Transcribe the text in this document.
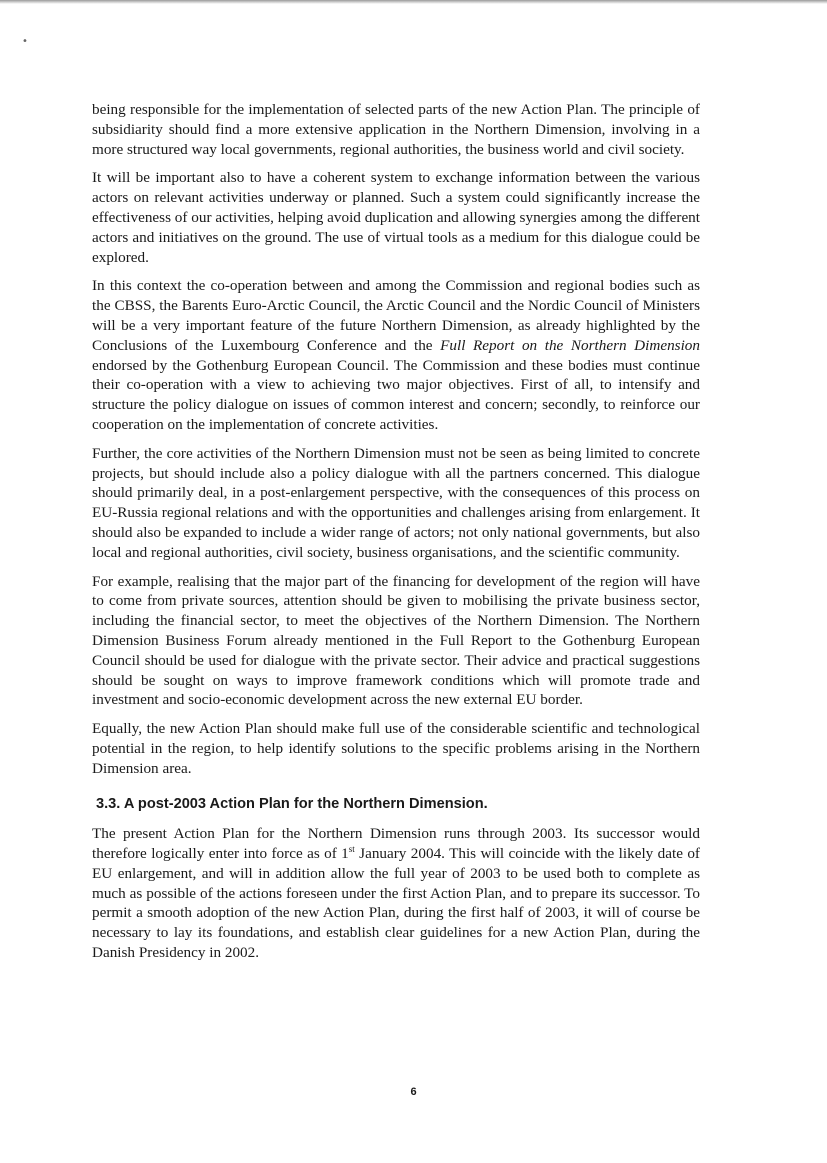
•

being responsible for the implementation of selected parts of the new Action Plan. The principle of subsidiarity should find a more extensive application in the Northern Dimension, involving in a more structured way local governments, regional authorities, the business world and civil society.

It will be important also to have a coherent system to exchange information between the various actors on relevant activities underway or planned. Such a system could significantly increase the effectiveness of our activities, helping avoid duplication and allowing synergies among the different actors and initiatives on the ground. The use of virtual tools as a medium for this dialogue could be explored.

In this context the co-operation between and among the Commission and regional bodies such as the CBSS, the Barents Euro-Arctic Council, the Arctic Council and the Nordic Council of Ministers will be a very important feature of the future Northern Dimension, as already highlighted by the Conclusions of the Luxembourg Conference and the Full Report on the Northern Dimension endorsed by the Gothenburg European Council. The Commission and these bodies must continue their co-operation with a view to achieving two major objectives. First of all, to intensify and structure the policy dialogue on issues of common interest and concern; secondly, to reinforce our cooperation on the implementation of concrete activities.

Further, the core activities of the Northern Dimension must not be seen as being limited to concrete projects, but should include also a policy dialogue with all the partners concerned. This dialogue should primarily deal, in a post-enlargement perspective, with the consequences of this process on EU-Russia regional relations and with the opportunities and challenges arising from enlargement. It should also be expanded to include a wider range of actors; not only national governments, but also local and regional authorities, civil society, business organisations, and the scientific community.

For example, realising that the major part of the financing for development of the region will have to come from private sources, attention should be given to mobilising the private business sector, including the financial sector, to meet the objectives of the Northern Dimension. The Northern Dimension Business Forum already mentioned in the Full Report to the Gothenburg European Council should be used for dialogue with the private sector. Their advice and practical suggestions should be sought on ways to improve framework conditions which will promote trade and investment and socio-economic development across the new external EU border.

Equally, the new Action Plan should make full use of the considerable scientific and technological potential in the region, to help identify solutions to the specific problems arising in the Northern Dimension area.

3.3. A post-2003 Action Plan for the Northern Dimension.

The present Action Plan for the Northern Dimension runs through 2003. Its successor would therefore logically enter into force as of 1st January 2004. This will coincide with the likely date of EU enlargement, and will in addition allow the full year of 2003 to be used both to complete as much as possible of the actions foreseen under the first Action Plan, and to prepare its successor. To permit a smooth adoption of the new Action Plan, during the first half of 2003, it will of course be necessary to lay its foundations, and establish clear guidelines for a new Action Plan, during the Danish Presidency in 2002.

6
